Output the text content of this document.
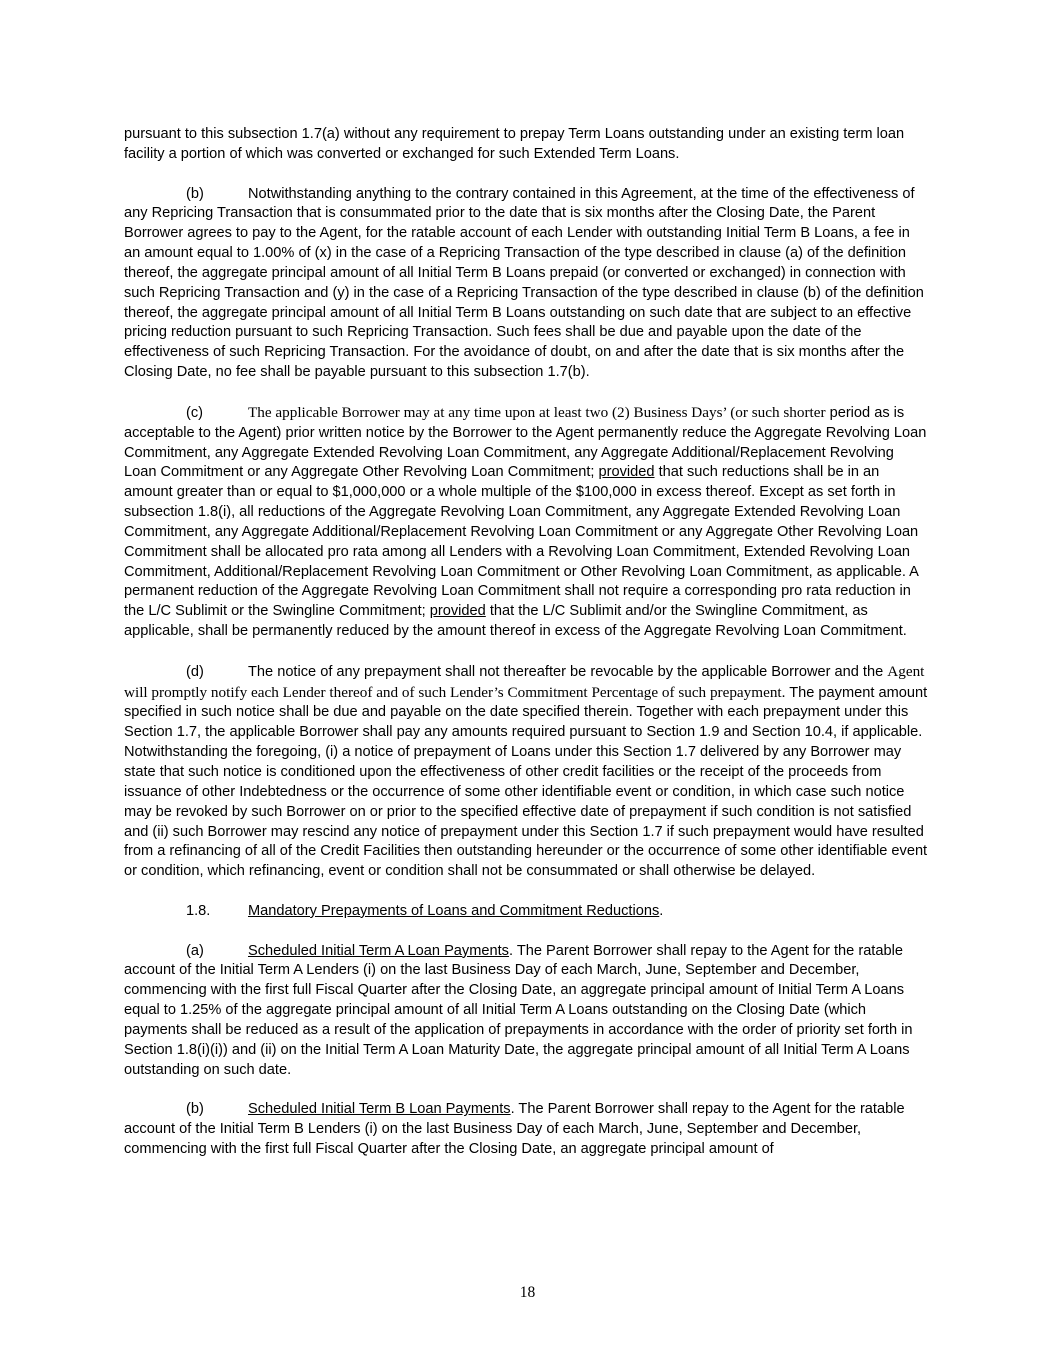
pursuant to this subsection 1.7(a) without any requirement to prepay Term Loans outstanding under an existing term loan facility a portion of which was converted or exchanged for such Extended Term Loans.

(b)	Notwithstanding anything to the contrary contained in this Agreement, at the time of the effectiveness of any Repricing Transaction that is consummated prior to the date that is six months after the Closing Date, the Parent Borrower agrees to pay to the Agent, for the ratable account of each Lender with outstanding Initial Term B Loans, a fee in an amount equal to 1.00% of (x) in the case of a Repricing Transaction of the type described in clause (a) of the definition thereof, the aggregate principal amount of all Initial Term B Loans prepaid (or converted or exchanged) in connection with such Repricing Transaction and (y) in the case of a Repricing Transaction of the type described in clause (b) of the definition thereof, the aggregate principal amount of all Initial Term B Loans outstanding on such date that are subject to an effective pricing reduction pursuant to such Repricing Transaction. Such fees shall be due and payable upon the date of the effectiveness of such Repricing Transaction. For the avoidance of doubt, on and after the date that is six months after the Closing Date, no fee shall be payable pursuant to this subsection 1.7(b).

(c)	The applicable Borrower may at any time upon at least two (2) Business Days’ (or such shorter period as is acceptable to the Agent) prior written notice by the Borrower to the Agent permanently reduce the Aggregate Revolving Loan Commitment, any Aggregate Extended Revolving Loan Commitment, any Aggregate Additional/Replacement Revolving Loan Commitment or any Aggregate Other Revolving Loan Commitment; provided that such reductions shall be in an amount greater than or equal to $1,000,000 or a whole multiple of the $100,000 in excess thereof. Except as set forth in subsection 1.8(i), all reductions of the Aggregate Revolving Loan Commitment, any Aggregate Extended Revolving Loan Commitment, any Aggregate Additional/Replacement Revolving Loan Commitment or any Aggregate Other Revolving Loan Commitment shall be allocated pro rata among all Lenders with a Revolving Loan Commitment, Extended Revolving Loan Commitment, Additional/Replacement Revolving Loan Commitment or Other Revolving Loan Commitment, as applicable. A permanent reduction of the Aggregate Revolving Loan Commitment shall not require a corresponding pro rata reduction in the L/C Sublimit or the Swingline Commitment; provided that the L/C Sublimit and/or the Swingline Commitment, as applicable, shall be permanently reduced by the amount thereof in excess of the Aggregate Revolving Loan Commitment.

(d)	The notice of any prepayment shall not thereafter be revocable by the applicable Borrower and the Agent will promptly notify each Lender thereof and of such Lender’s Commitment Percentage of such prepayment. The payment amount specified in such notice shall be due and payable on the date specified therein. Together with each prepayment under this Section 1.7, the applicable Borrower shall pay any amounts required pursuant to Section 1.9 and Section 10.4, if applicable. Notwithstanding the foregoing, (i) a notice of prepayment of Loans under this Section 1.7 delivered by any Borrower may state that such notice is conditioned upon the effectiveness of other credit facilities or the receipt of the proceeds from issuance of other Indebtedness or the occurrence of some other identifiable event or condition, in which case such notice may be revoked by such Borrower on or prior to the specified effective date of prepayment if such condition is not satisfied and (ii) such Borrower may rescind any notice of prepayment under this Section 1.7 if such prepayment would have resulted from a refinancing of all of the Credit Facilities then outstanding hereunder or the occurrence of some other identifiable event or condition, which refinancing, event or condition shall not be consummated or shall otherwise be delayed.

1.8.	Mandatory Prepayments of Loans and Commitment Reductions.

(a)	Scheduled Initial Term A Loan Payments. The Parent Borrower shall repay to the Agent for the ratable account of the Initial Term A Lenders (i) on the last Business Day of each March, June, September and December, commencing with the first full Fiscal Quarter after the Closing Date, an aggregate principal amount of Initial Term A Loans equal to 1.25% of the aggregate principal amount of all Initial Term A Loans outstanding on the Closing Date (which payments shall be reduced as a result of the application of prepayments in accordance with the order of priority set forth in Section 1.8(i)(i)) and (ii) on the Initial Term A Loan Maturity Date, the aggregate principal amount of all Initial Term A Loans outstanding on such date.

(b)	Scheduled Initial Term B Loan Payments. The Parent Borrower shall repay to the Agent for the ratable account of the Initial Term B Lenders (i) on the last Business Day of each March, June, September and December, commencing with the first full Fiscal Quarter after the Closing Date, an aggregate principal amount of

18
